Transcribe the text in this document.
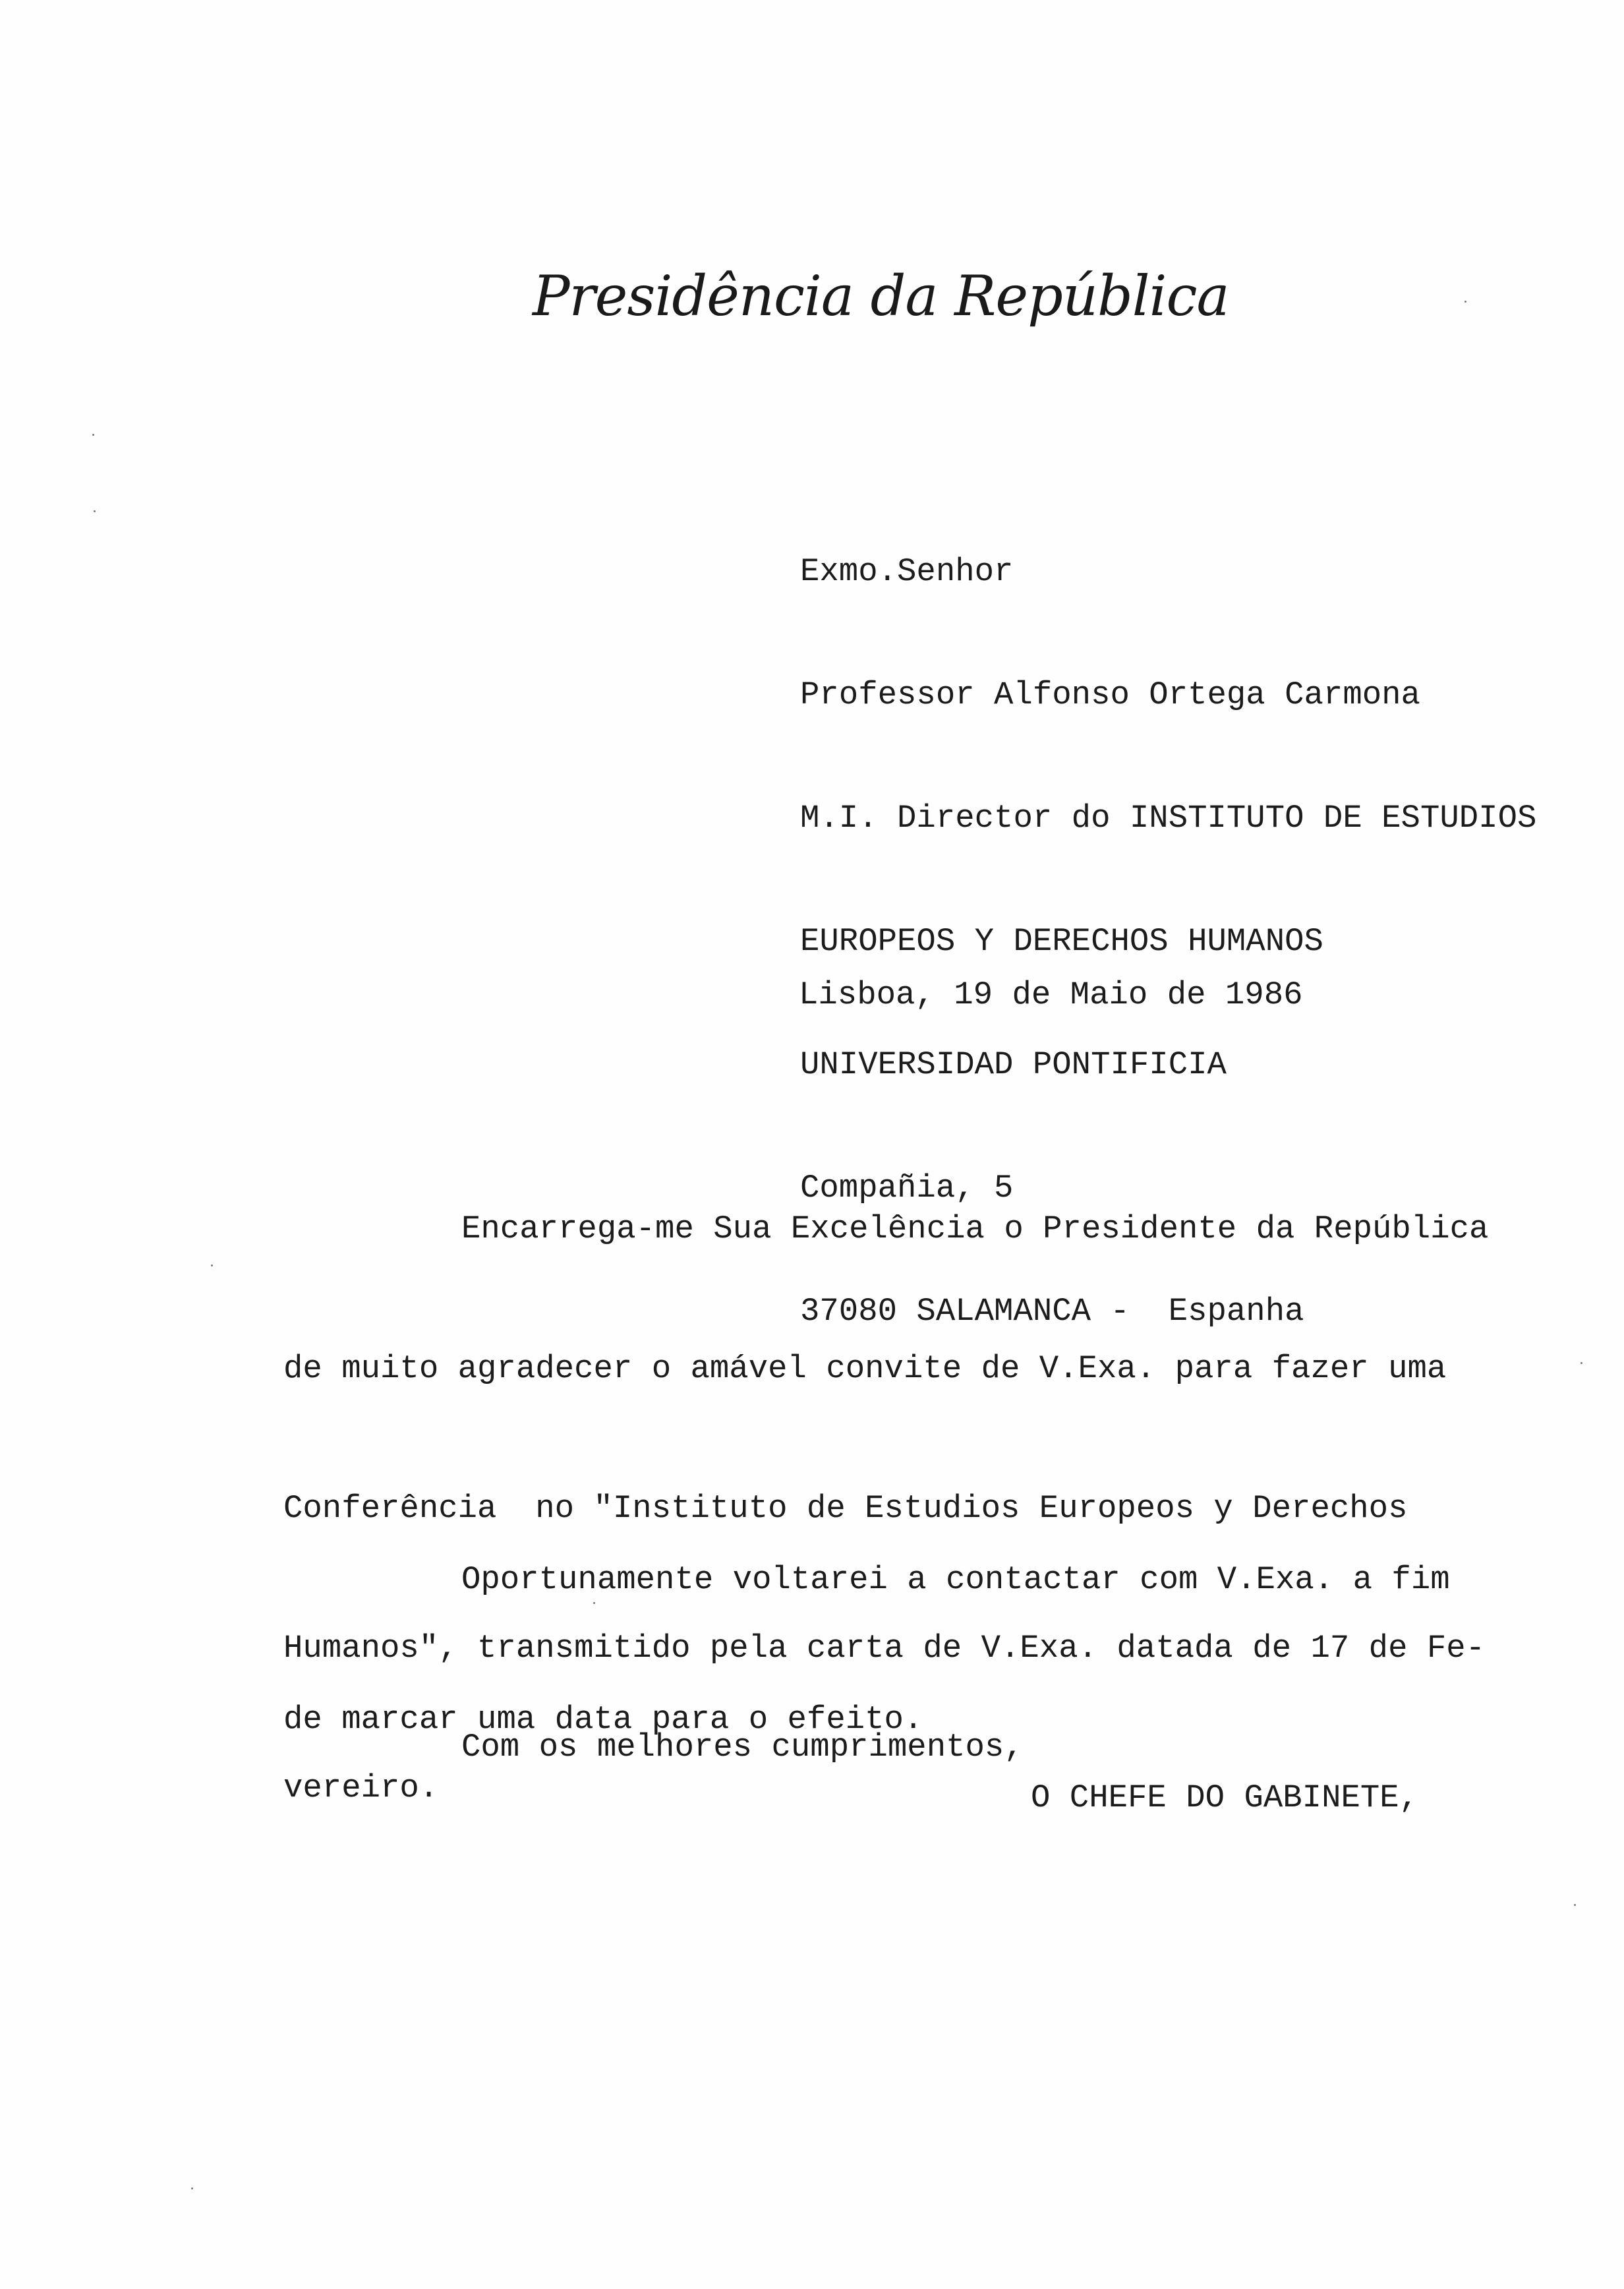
Presidência da República

Exmo.Senhor

Professor Alfonso Ortega Carmona

M.I. Director do INSTITUTO DE ESTUDIOS

EUROPEOS Y DERECHOS HUMANOS

UNIVERSIDAD PONTIFICIA

Compañia, 5

37080 SALAMANCA -  Espanha

Lisboa, 19 de Maio de 1986

Encarrega-me Sua Excelência o Presidente da República

de muito agradecer o amável convite de V.Exa. para fazer uma

Conferência  no "Instituto de Estudios Europeos y Derechos

Humanos", transmitido pela carta de V.Exa. datada de 17 de Fe-

vereiro.

Oportunamente voltarei a contactar com V.Exa. a fim

de marcar uma data para o efeito.

Com os melhores cumprimentos,

O CHEFE DO GABINETE,
